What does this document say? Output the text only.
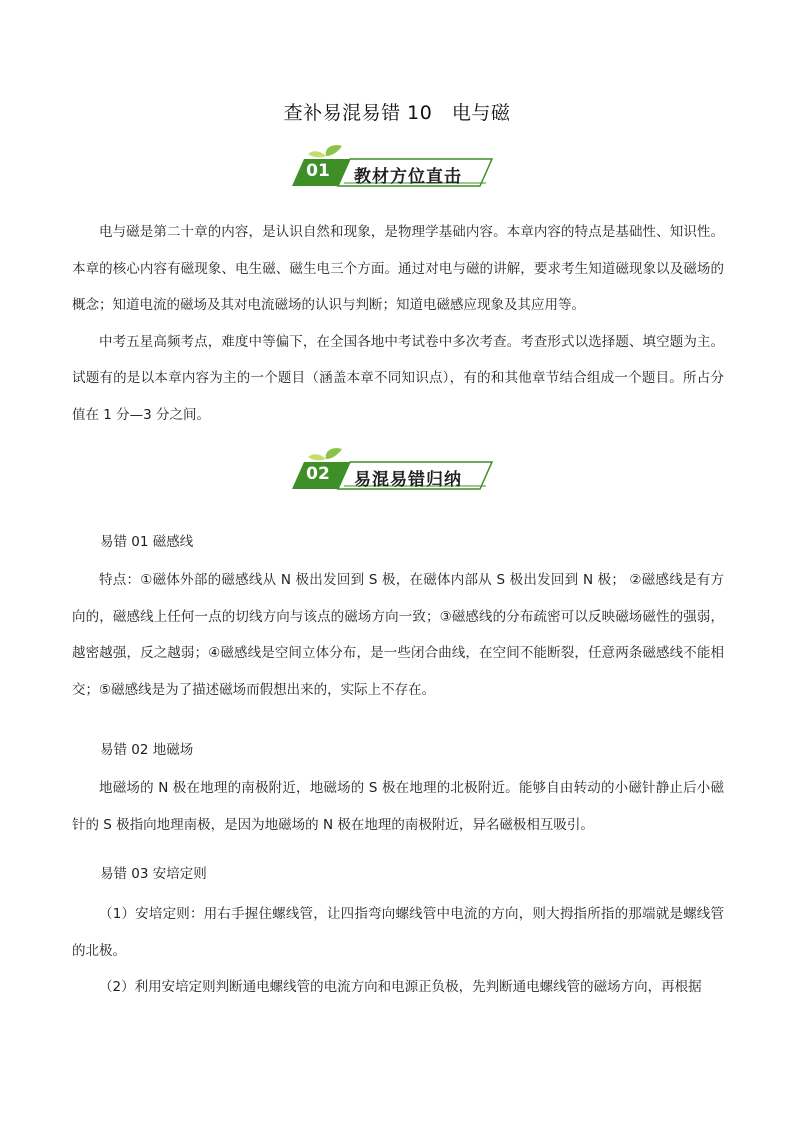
查补易混易错 10　电与磁
01	教材方位直击

电与磁是第二十章的内容，是认识自然和现象，是物理学基础内容。本章内容的特点是基础性、知识性。本章的核心内容有磁现象、电生磁、磁生电三个方面。通过对电与磁的讲解，要求考生知道磁现象以及磁场的概念；知道电流的磁场及其对电流磁场的认识与判断；知道电磁感应现象及其应用等。

中考五星高频考点，难度中等偏下，在全国各地中考试卷中多次考查。考查形式以选择题、填空题为主。试题有的是以本章内容为主的一个题目（涵盖本章不同知识点），有的和其他章节结合组成一个题目。所占分值在 1 分—3 分之间。

02	易混易错归纳
易错 01 磁感线

特点：①磁体外部的磁感线从 N 极出发回到 S 极，在磁体内部从 S 极出发回到 N 极； ②磁感线是有方向的，磁感线上任何一点的切线方向与该点的磁场方向一致；③磁感线的分布疏密可以反映磁场磁性的强弱，越密越强，反之越弱；④磁感线是空间立体分布，是一些闭合曲线，在空间不能断裂，任意两条磁感线不能相交；⑤磁感线是为了描述磁场而假想出来的，实际上不存在。

易错 02 地磁场

地磁场的 N 极在地理的南极附近，地磁场的 S 极在地理的北极附近。能够自由转动的小磁针静止后小磁针的 S 极指向地理南极，是因为地磁场的 N 极在地理的南极附近，异名磁极相互吸引。

易错 03 安培定则

（1）安培定则：用右手握住螺线管，让四指弯向螺线管中电流的方向，则大拇指所指的那端就是螺线管的北极。

（2）利用安培定则判断通电螺线管的电流方向和电源正负极，先判断通电螺线管的磁场方向，再根据
